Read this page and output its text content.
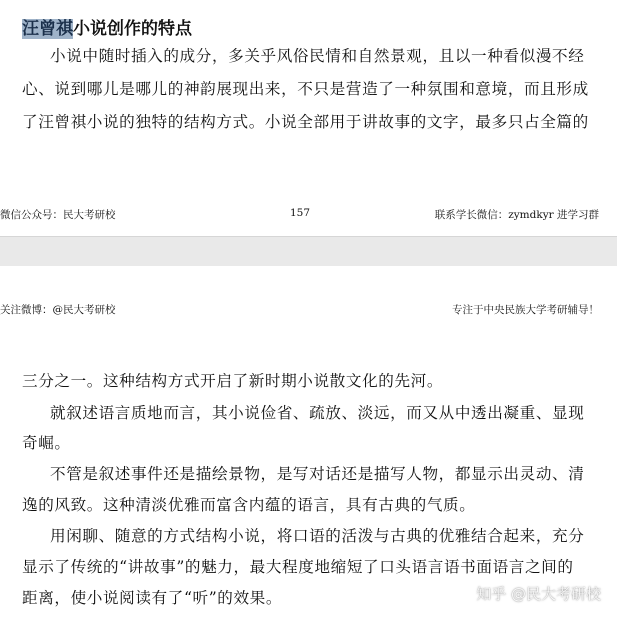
汪曾祺小说创作的特点
小说中随时插入的成分，多关乎风俗民情和自然景观，且以一种看似漫不经
心、说到哪儿是哪儿的神韵展现出来，不只是营造了一种氛围和意境，而且形成
了汪曾祺小说的独特的结构方式。小说全部用于讲故事的文字，最多只占全篇的
微信公众号：民大考研校	157	联系学长微信：zymdkyr 进学习群
关注微博：@民大考研校	专注于中央民族大学考研辅导！
三分之一。这种结构方式开启了新时期小说散文化的先河。
就叙述语言质地而言，其小说俭省、疏放、淡远，而又从中透出凝重、显现
奇崛。
不管是叙述事件还是描绘景物，是写对话还是描写人物，都显示出灵动、清
逸的风致。这种清淡优雅而富含内蕴的语言，具有古典的气质。
用闲聊、随意的方式结构小说，将口语的活泼与古典的优雅结合起来，充分
显示了传统的“讲故事”的魅力，最大程度地缩短了口头语言语书面语言之间的
距离，使小说阅读有了“听”的效果。	知乎 @民大考研校
